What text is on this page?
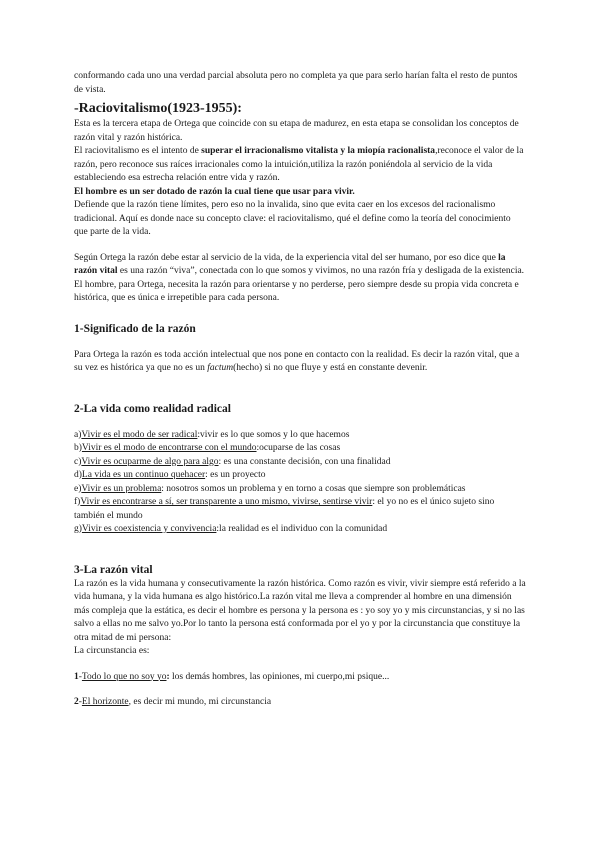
conformando cada uno una verdad parcial absoluta pero no completa ya que para serlo harían falta el resto de puntos de vista.

-Raciovitalismo(1923-1955):

Esta es la tercera etapa de Ortega que coincide con su etapa de madurez, en esta etapa se consolidan los conceptos de razón vital y razón histórica.

El raciovitalismo es el intento de superar el irracionalismo vitalista y la miopía racionalista,reconoce el valor de la razón, pero reconoce sus raíces irracionales como la intuición,utiliza la razón poniéndola al servicio de la vida estableciendo esa estrecha relación entre vida y razón.

El hombre es un ser dotado de razón la cual tiene que usar para vivir.

Defiende que la razón tiene límites, pero eso no la invalida, sino que evita caer en los excesos del racionalismo tradicional. Aquí es donde nace su concepto clave: el raciovitalismo, qué el define como la teoría del conocimiento que parte de la vida.

Según Ortega la razón debe estar al servicio de la vida, de la experiencia vital del ser humano, por eso dice que la razón vital es una razón “viva”, conectada con lo que somos y vivimos, no una razón fría y desligada de la existencia. El hombre, para Ortega, necesita la razón para orientarse y no perderse, pero siempre desde su propia vida concreta e histórica, que es única e irrepetible para cada persona.

1-Significado de la razón

Para Ortega la razón es toda acción intelectual que nos pone en contacto con la realidad. Es decir la razón vital, que a su vez es histórica ya que no es un factum(hecho) si no que fluye y está en constante devenir.

2-La vida como realidad radical

a)Vivir es el modo de ser radical:vivir es lo que somos y lo que hacemos

b)Vivir es el modo de encontrarse con el mundo:ocuparse de las cosas

c)Vivir es ocuparme de algo para algo: es una constante decisión, con una finalidad

d)La vida es un continuo quehacer: es un proyecto

e)Vivir es un problema: nosotros somos un problema y en torno a cosas que siempre son problemáticas

f)Vivir es encontrarse a sí, ser transparente a uno mismo, vivirse, sentirse vivir: el yo no es el único sujeto sino también el mundo

g)Vivir es coexistencia y convivencia:la realidad es el individuo con la comunidad

3-La razón vital

La razón es la vida humana y consecutivamente la razón histórica. Como razón es vivir, vivir siempre está referido a la vida humana, y la vida humana es algo histórico.La razón vital me lleva a comprender al hombre en una dimensión más compleja que la estática, es decir el hombre es persona y la persona es : yo soy yo y mis circunstancias, y si no las salvo a ellas no me salvo yo.Por lo tanto la persona está conformada por el yo y por la circunstancia que constituye la otra mitad de mi persona:

La circunstancia es:

1-Todo lo que no soy yo: los demás hombres, las opiniones, mi cuerpo,mi psique...

2-El horizonte, es decir mi mundo, mi circunstancia
